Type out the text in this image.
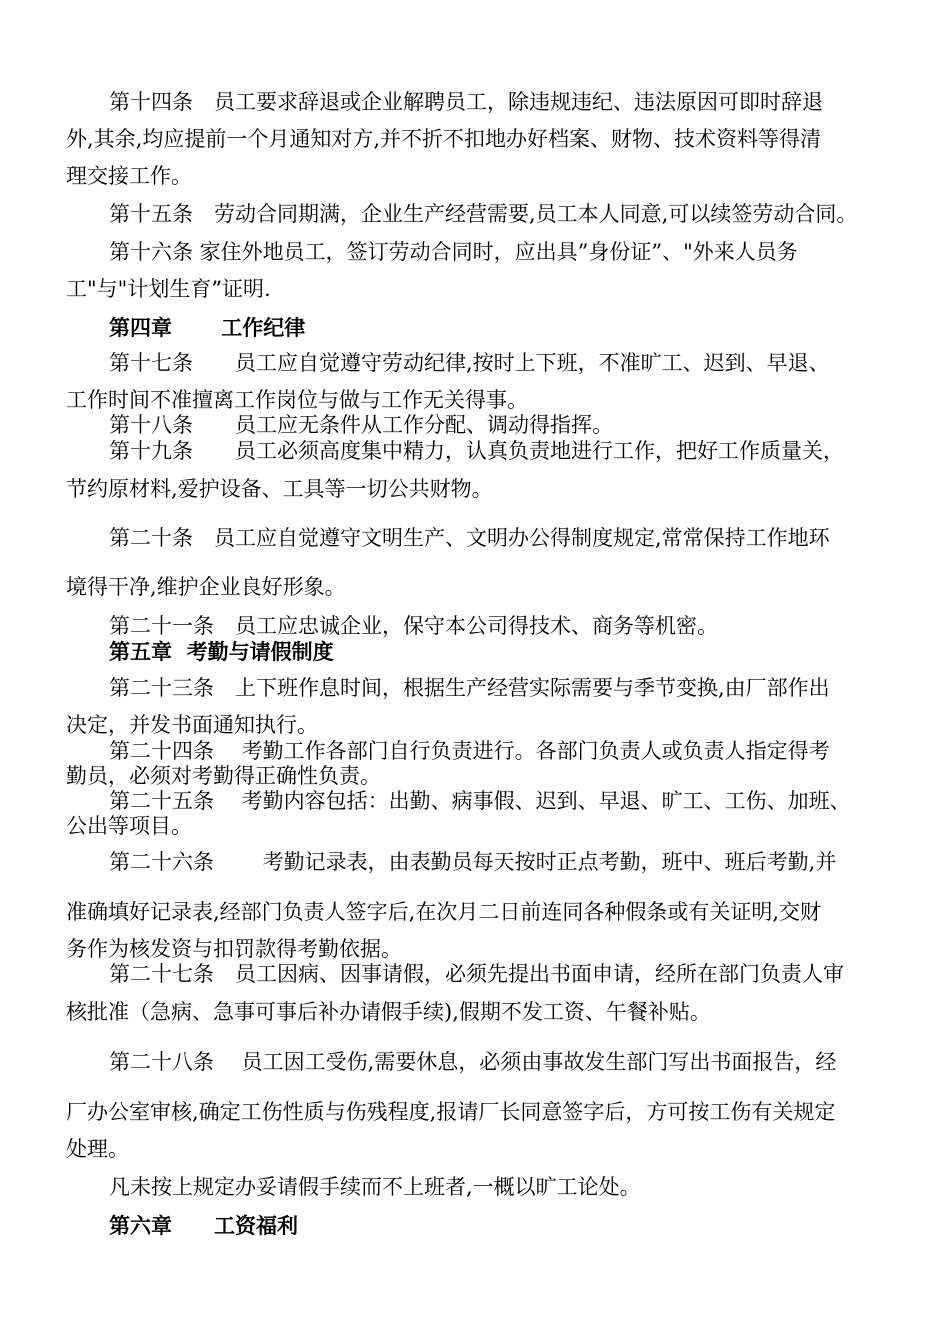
第十四条　员工要求辞退或企业解聘员工，除违规违纪、违法原因可即时辞退
外,其余,均应提前一个月通知对方,并不折不扣地办好档案、财物、技术资料等得清
理交接工作。
第十五条　劳动合同期满，企业生产经营需要,员工本人同意,可以续签劳动合同。
第十六条 家住外地员工，签订劳动合同时，应出具”身份证”、"外来人员务
工"与"计划生育”证明.
第四章　　 工作纪律
第十七条　　员工应自觉遵守劳动纪律,按时上下班，不准旷工、迟到、早退、
工作时间不准擅离工作岗位与做与工作无关得事。
第十八条　　员工应无条件从工作分配、调动得指挥。
第十九条　　员工必须高度集中精力，认真负责地进行工作，把好工作质量关，
节约原材料,爱护设备、工具等一切公共财物。
第二十条　员工应自觉遵守文明生产、文明办公得制度规定,常常保持工作地环
境得干净,维护企业良好形象。
第二十一条　员工应忠诚企业，保守本公司得技术、商务等机密。
第五章  考勤与请假制度
第二十三条　上下班作息时间，根据生产经营实际需要与季节变换,由厂部作出
决定，并发书面通知执行。
第二十四条　 考勤工作各部门自行负责进行。各部门负责人或负责人指定得考
勤员，必须对考勤得正确性负责。
第二十五条　 考勤内容包括：出勤、病事假、迟到、早退、旷工、工伤、加班、
公出等项目。
第二十六条　　 考勤记录表，由表勤员每天按时正点考勤，班中、班后考勤,并
准确填好记录表,经部门负责人签字后,在次月二日前连同各种假条或有关证明,交财
务作为核发资与扣罚款得考勤依据。
第二十七条　员工因病、因事请假，必须先提出书面申请，经所在部门负责人审
核批准（急病、急事可事后补办请假手续),假期不发工资、午餐补贴。
第二十八条　 员工因工受伤,需要休息，必须由事故发生部门写出书面报告，经
厂办公室审核,确定工伤性质与伤残程度,报请厂长同意签字后，方可按工伤有关规定
处理。
凡未按上规定办妥请假手续而不上班者,一概以旷工论处。
第六章　　工资福利
